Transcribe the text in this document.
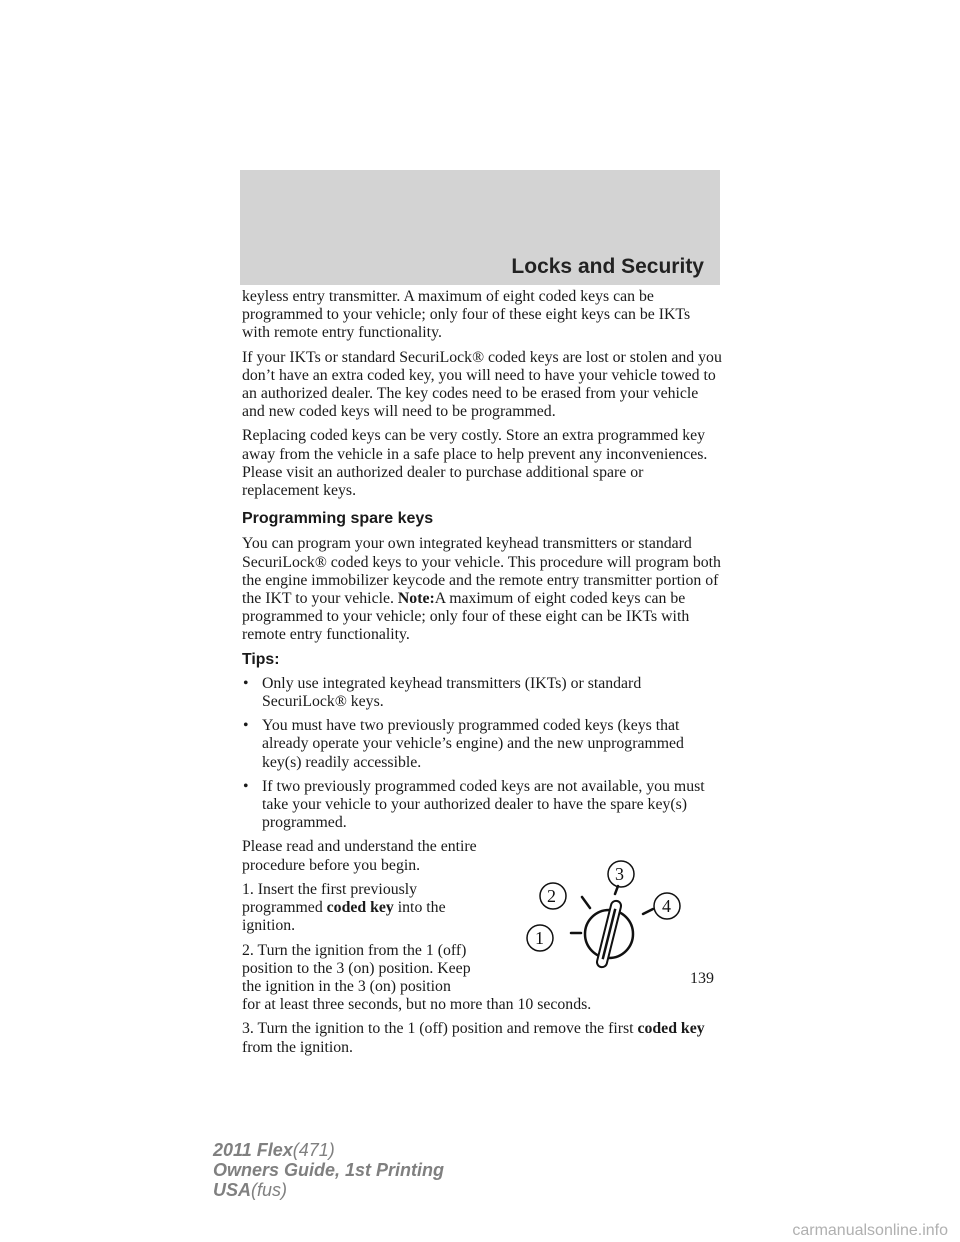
Locks and Security

keyless entry transmitter. A maximum of eight coded keys can be programmed to your vehicle; only four of these eight keys can be IKTs with remote entry functionality.

If your IKTs or standard SecuriLock® coded keys are lost or stolen and you don’t have an extra coded key, you will need to have your vehicle towed to an authorized dealer. The key codes need to be erased from your vehicle and new coded keys will need to be programmed.

Replacing coded keys can be very costly. Store an extra programmed key away from the vehicle in a safe place to help prevent any inconveniences. Please visit an authorized dealer to purchase additional spare or replacement keys.

Programming spare keys

You can program your own integrated keyhead transmitters or standard SecuriLock® coded keys to your vehicle. This procedure will program both the engine immobilizer keycode and the remote entry transmitter portion of the IKT to your vehicle. Note:A maximum of eight coded keys can be programmed to your vehicle; only four of these eight can be IKTs with remote entry functionality.

Tips:

• Only use integrated keyhead transmitters (IKTs) or standard SecuriLock® keys.
• You must have two previously programmed coded keys (keys that already operate your vehicle’s engine) and the new unprogrammed key(s) readily accessible.
• If two previously programmed coded keys are not available, you must take your vehicle to your authorized dealer to have the spare key(s) programmed.

Please read and understand the entire procedure before you begin.

1. Insert the first previously programmed coded key into the ignition.

2. Turn the ignition from the 1 (off) position to the 3 (on) position. Keep the ignition in the 3 (on) position

1
2
3
4

for at least three seconds, but no more than 10 seconds.

3. Turn the ignition to the 1 (off) position and remove the first coded key from the ignition.

139
2011 Flex(471)
Owners Guide, 1st Printing
USA(fus)
carmanualsonline.info
